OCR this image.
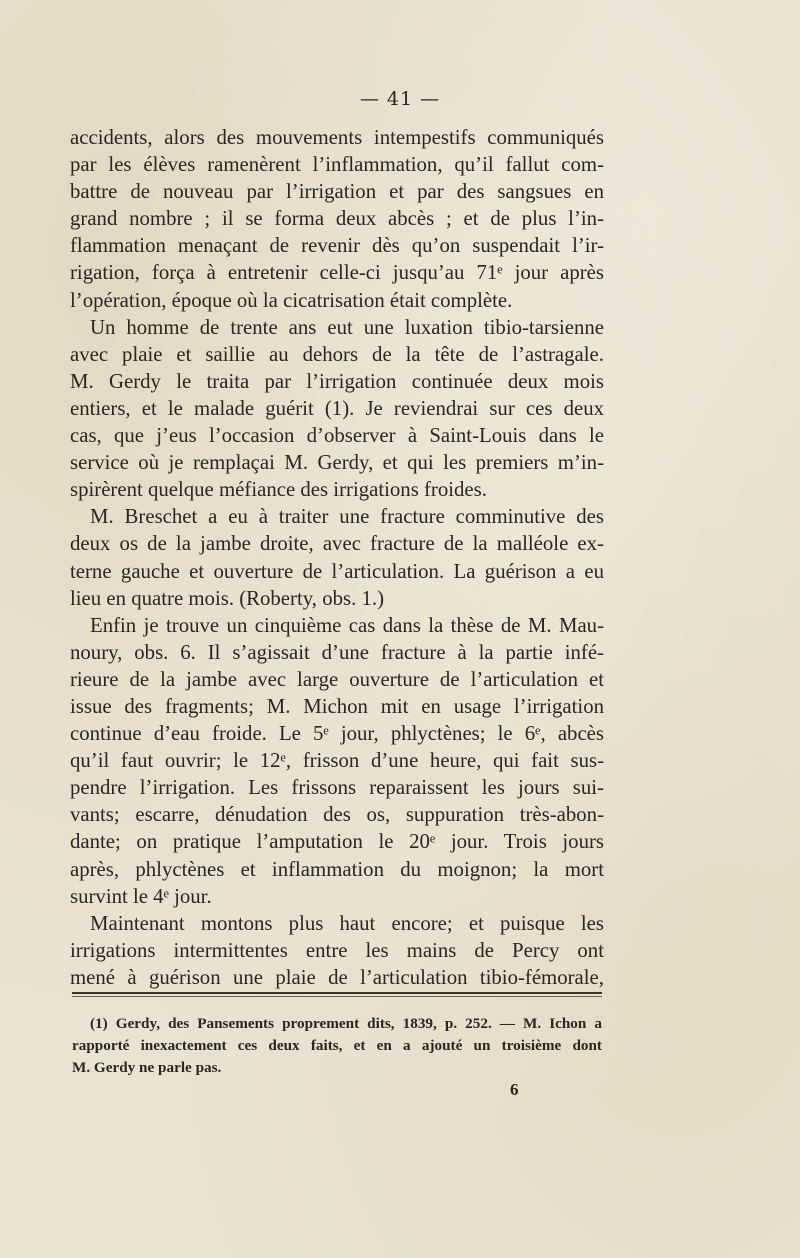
— 41 —
accidents, alors des mouvements intempestifs communiqués
par les élèves ramenèrent l’inflammation, qu’il fallut com-
battre de nouveau par l’irrigation et par des sangsues en
grand nombre ; il se forma deux abcès ; et de plus l’in-
flammation menaçant de revenir dès qu’on suspendait l’ir-
rigation, força à entretenir celle-ci jusqu’au 71ᵉ jour après
l’opération, époque où la cicatrisation était complète.
Un homme de trente ans eut une luxation tibio-tarsienne
avec plaie et saillie au dehors de la tête de l’astragale.
M. Gerdy le traita par l’irrigation continuée deux mois
entiers, et le malade guérit (1). Je reviendrai sur ces deux
cas, que j’eus l’occasion d’observer à Saint-Louis dans le
service où je remplaçai M. Gerdy, et qui les premiers m’in-
spirèrent quelque méfiance des irrigations froides.
M. Breschet a eu à traiter une fracture comminutive des
deux os de la jambe droite, avec fracture de la malléole ex-
terne gauche et ouverture de l’articulation. La guérison a eu
lieu en quatre mois. (Roberty, obs. 1.)
Enfin je trouve un cinquième cas dans la thèse de M. Mau-
noury, obs. 6. Il s’agissait d’une fracture à la partie infé-
rieure de la jambe avec large ouverture de l’articulation et
issue des fragments; M. Michon mit en usage l’irrigation
continue d’eau froide. Le 5ᵉ jour, phlyctènes; le 6ᵉ, abcès
qu’il faut ouvrir; le 12ᵉ, frisson d’une heure, qui fait sus-
pendre l’irrigation. Les frissons reparaissent les jours sui-
vants; escarre, dénudation des os, suppuration très-abon-
dante; on pratique l’amputation le 20ᵉ jour. Trois jours
après, phlyctènes et inflammation du moignon; la mort
survint le 4ᵉ jour.
Maintenant montons plus haut encore; et puisque les
irrigations intermittentes entre les mains de Percy ont
mené à guérison une plaie de l’articulation tibio-fémorale,
(1) Gerdy, des Pansements proprement dits, 1839, p. 252. — M. Ichon a
rapporté inexactement ces deux faits, et en a ajouté un troisième dont
M. Gerdy ne parle pas.
6
